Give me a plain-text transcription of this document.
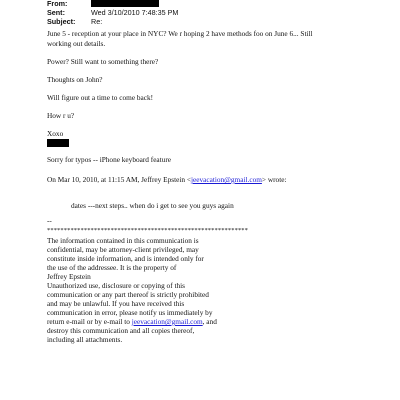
From:
Sent:	Wed 3/10/2010 7:48:35 PM
Subject: Re:
June 5 - reception at your place in NYC? We r hoping 2 have methods foo on June 6... Still
working out details.
Power? Still want to something there?
Thoughts on John?
Will figure out a time to come back!
How r u?
Xoxo
Sorry for typos -- iPhone keyboard feature
On Mar 10, 2010, at 11:15 AM, Jeffrey Epstein <jeevacation@gmail.com> wrote:
dates ---next steps.. when do i get to see you guys again
--
************************************************************
The information contained in this communication is
confidential, may be attorney-client privileged, may
constitute inside information, and is intended only for
the use of the addressee. It is the property of
Jeffrey Epstein
Unauthorized use, disclosure or copying of this
communication or any part thereof is strictly prohibited
and may be unlawful. If you have received this
communication in error, please notify us immediately by
return e-mail or by e-mail to jeevacation@gmail.com, and
destroy this communication and all copies thereof,
including all attachments.
